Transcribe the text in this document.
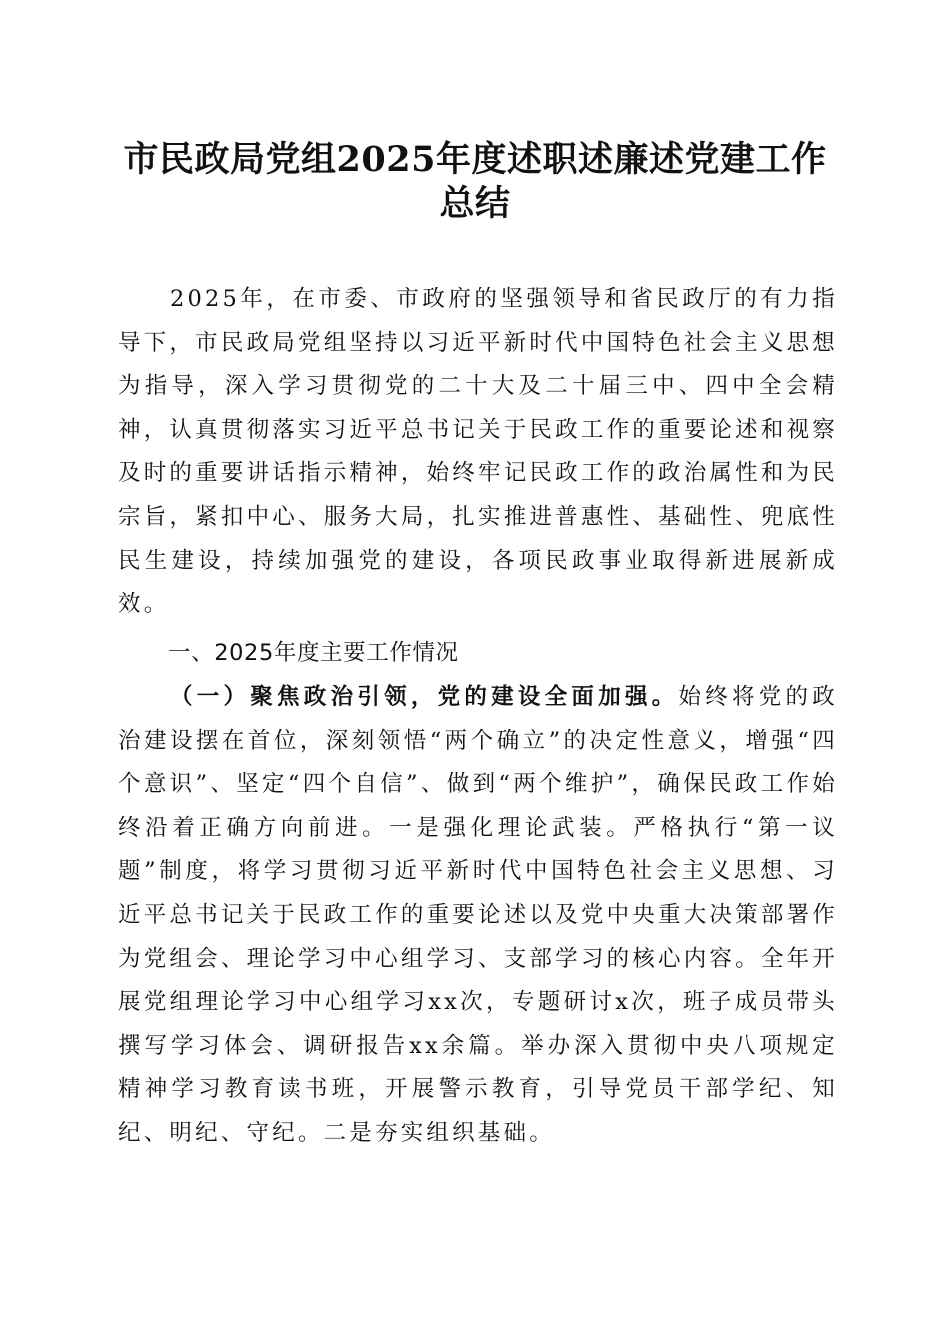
市民政局党组2025年度述职述廉述党建工作
总结
2025年，在市委、市政府的坚强领导和省民政厅的有力指导下，市民政局党组坚持以习近平新时代中国特色社会主义思想为指导，深入学习贯彻党的二十大及二十届三中、四中全会精神，认真贯彻落实习近平总书记关于民政工作的重要论述和视察及时的重要讲话指示精神，始终牢记民政工作的政治属性和为民宗旨，紧扣中心、服务大局，扎实推进普惠性、基础性、兜底性民生建设，持续加强党的建设，各项民政事业取得新进展新成效。
一、2025年度主要工作情况
（一）聚焦政治引领，党的建设全面加强。始终将党的政治建设摆在首位，深刻领悟“两个确立”的决定性意义，增强“四个意识”、坚定“四个自信”、做到“两个维护”，确保民政工作始终沿着正确方向前进。一是强化理论武装。严格执行“第一议题”制度，将学习贯彻习近平新时代中国特色社会主义思想、习近平总书记关于民政工作的重要论述以及党中央重大决策部署作为党组会、理论学习中心组学习、支部学习的核心内容。全年开展党组理论学习中心组学习xx次，专题研讨x次，班子成员带头撰写学习体会、调研报告xx余篇。举办深入贯彻中央八项规定精神学习教育读书班，开展警示教育，引导党员干部学纪、知纪、明纪、守纪。二是夯实组织基础。
